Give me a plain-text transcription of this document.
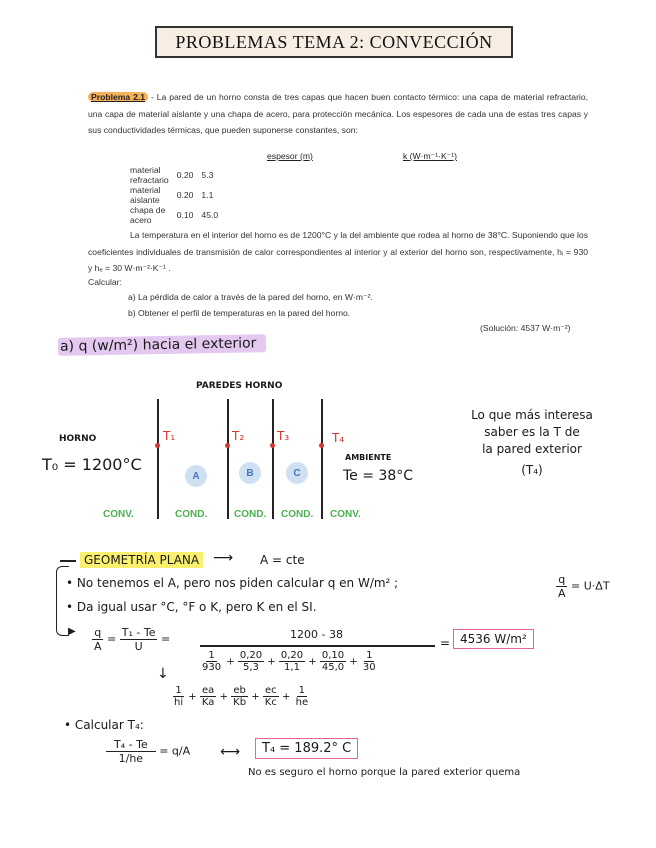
PROBLEMAS TEMA 2: CONVECCIÓN
Problema 2.1 - La pared de un horno consta de tres capas que hacen buen contacto térmico: una capa de material refractario, una capa de material aislante y una chapa de acero, para protección mecánica. Los espesores de cada una de estas tres capas y sus conductividades térmicas, que pueden suponerse constantes, son:
espesor (m)	k (W·m⁻¹·K⁻¹)
material refractario	0.20	5.3
material aislante	0.20	1.1
chapa de acero	0.10	45.0
La temperatura en el interior del horno es de 1200°C y la del ambiente que rodea al horno de 38°C. Suponiendo que los coeficientes individuales de transmisión de calor correspondientes al interior y al exterior del horno son, respectivamente, hᵢ = 930 y hₑ = 30 W·m⁻²·K⁻¹ .
Calcular:
a) La pérdida de calor a través de la pared del horno, en W·m⁻².
b) Obtener el perfil de temperaturas en la pared del horno.
(Solución: 4537 W·m⁻²)
a) q (w/m²) hacia el exterior
PAREDES HORNO
T₁	T₂	T₃	T₄
HORNO
T₀ = 1200°C	AMBIENTE
Te = 38°C
A	B	C
CONV.	COND.	COND. COND. CONV.
Lo que más interesa
saber es la T de
la pared exterior
(T₄)
GEOMETRÍA PLANA ⟶ A = cte
▶
• No tenemos el A, pero nos piden calcular q en W/m² ;	$\frac{q}{A} = U\cdot\Delta T$
• Da igual usar °C, °F o K, pero K en el SI.
$\frac{q}{A} = \frac{\text{T₁ - Te}}{U}$ =	1200 - 38
$\frac{1}{930} + \frac{0,20}{5,3} + \frac{0,20}{1,1} + \frac{0,10}{45,0} + \frac{1}{30}$
= 4536 W/m²
↓
$\frac{1}{hi} + \frac{ea}{Ka} + \frac{eb}{Kb} + \frac{ec}{Kc} + \frac{1}{he}$
• Calcular T₄:
$\frac{\text{T₄ - Te}}{1/he} = q/A$ ⟷	T₄ = 189.2° C
No es seguro el horno porque la pared exterior quema
